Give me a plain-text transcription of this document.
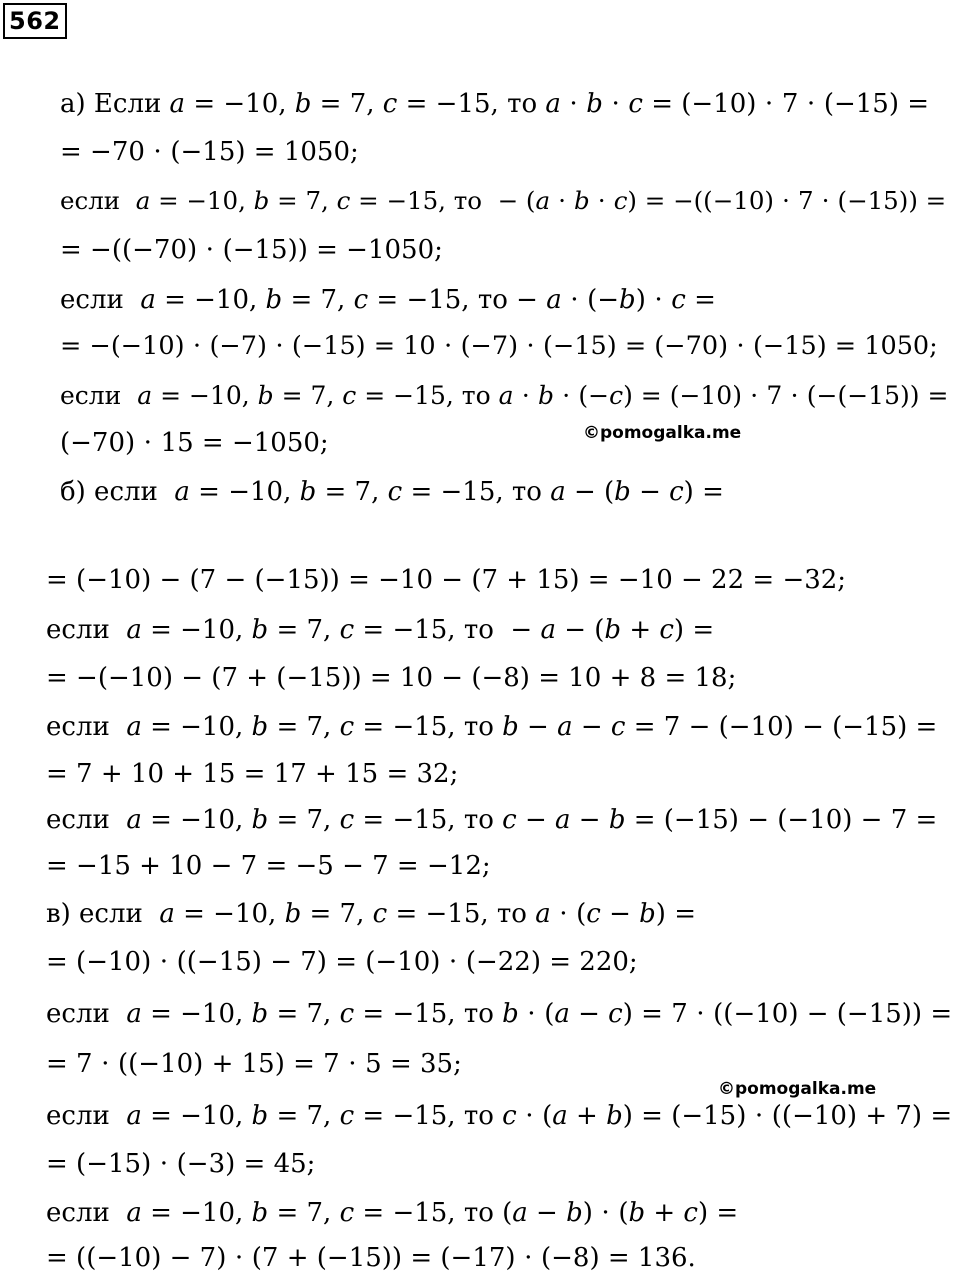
562
а) Если 𝑎 = −10, 𝑏 = 7, 𝑐 = −15, то 𝑎 ⋅ 𝑏 ⋅ 𝑐 = (−10) ⋅ 7 ⋅ (−15) =
= −70 ⋅ (−15) = 1050;
если  𝑎 = −10, 𝑏 = 7, 𝑐 = −15, то  − (𝑎 ⋅ 𝑏 ⋅ 𝑐) = −((−10) ⋅ 7 ⋅ (−15)) =
= −((−70) ⋅ (−15)) = −1050;
если  𝑎 = −10, 𝑏 = 7, 𝑐 = −15, то − 𝑎 ⋅ (−𝑏) ⋅ 𝑐 =
= −(−10) ⋅ (−7) ⋅ (−15) = 10 ⋅ (−7) ⋅ (−15) = (−70) ⋅ (−15) = 1050;
если  𝑎 = −10, 𝑏 = 7, 𝑐 = −15, то 𝑎 ⋅ 𝑏 ⋅ (−𝑐) = (−10) ⋅ 7 ⋅ (−(−15)) =
(−70) ⋅ 15 = −1050;
б) если  𝑎 = −10, 𝑏 = 7, 𝑐 = −15, то 𝑎 − (𝑏 − 𝑐) =
©pomogalka.me
= (−10) − (7 − (−15)) = −10 − (7 + 15) = −10 − 22 = −32;
если  𝑎 = −10, 𝑏 = 7, 𝑐 = −15, то  − 𝑎 − (𝑏 + 𝑐) =
= −(−10) − (7 + (−15)) = 10 − (−8) = 10 + 8 = 18;
если  𝑎 = −10, 𝑏 = 7, 𝑐 = −15, то 𝑏 − 𝑎 − 𝑐 = 7 − (−10) − (−15) =
= 7 + 10 + 15 = 17 + 15 = 32;
если  𝑎 = −10, 𝑏 = 7, 𝑐 = −15, то 𝑐 − 𝑎 − 𝑏 = (−15) − (−10) − 7 =
= −15 + 10 − 7 = −5 − 7 = −12;
в) если  𝑎 = −10, 𝑏 = 7, 𝑐 = −15, то 𝑎 ⋅ (𝑐 − 𝑏) =
= (−10) ⋅ ((−15) − 7) = (−10) ⋅ (−22) = 220;
если  𝑎 = −10, 𝑏 = 7, 𝑐 = −15, то 𝑏 ⋅ (𝑎 − 𝑐) = 7 ⋅ ((−10) − (−15)) =
= 7 ⋅ ((−10) + 15) = 7 ⋅ 5 = 35;
если  𝑎 = −10, 𝑏 = 7, 𝑐 = −15, то 𝑐 ⋅ (𝑎 + 𝑏) = (−15) ⋅ ((−10) + 7) =
= (−15) ⋅ (−3) = 45;
если  𝑎 = −10, 𝑏 = 7, 𝑐 = −15, то (𝑎 − 𝑏) ⋅ (𝑏 + 𝑐) =
= ((−10) − 7) ⋅ (7 + (−15)) = (−17) ⋅ (−8) = 136.
©pomogalka.me
